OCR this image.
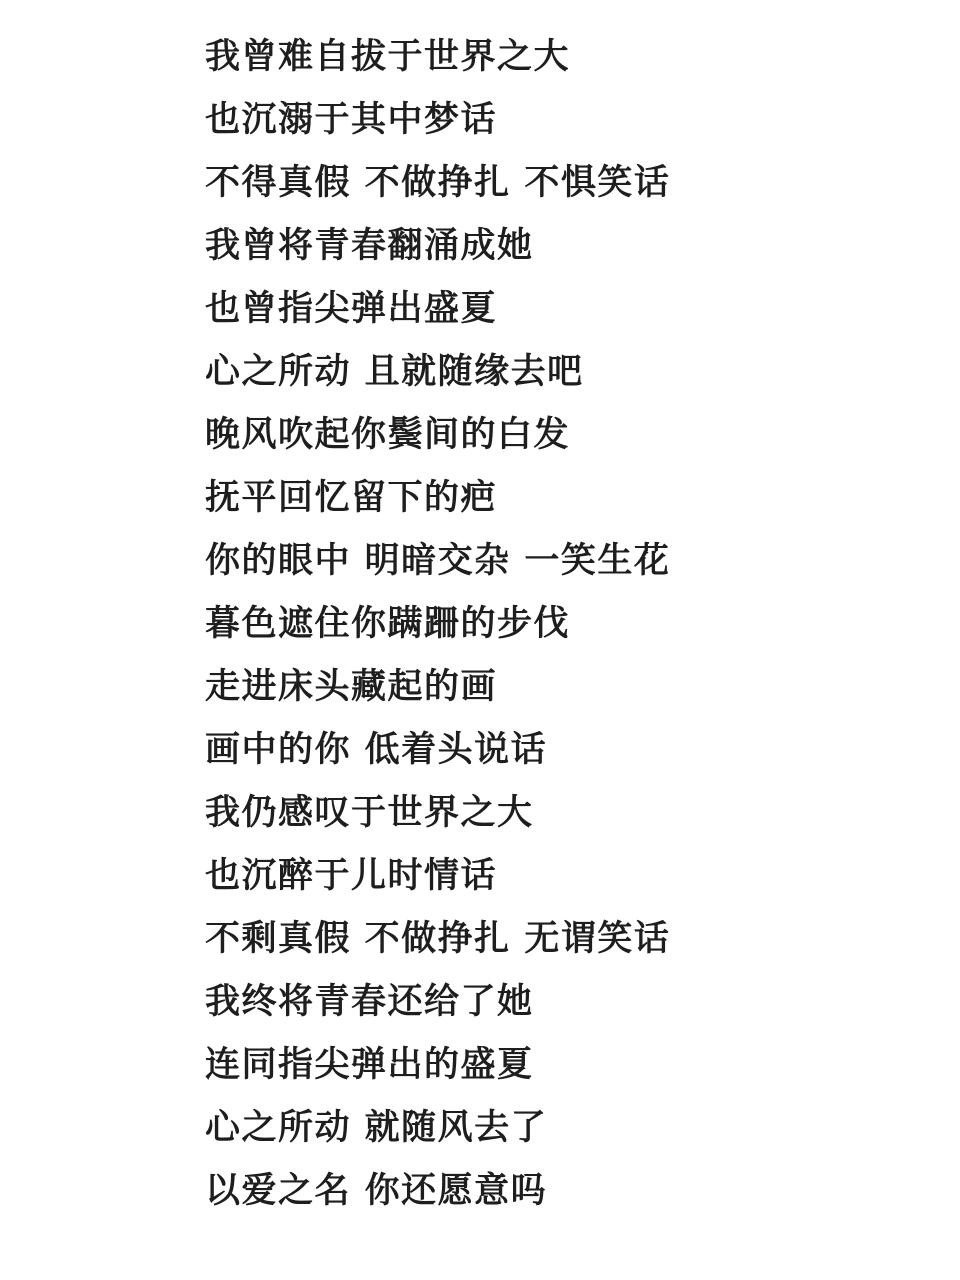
我曾难自拔于世界之大
也沉溺于其中梦话
不得真假 不做挣扎 不惧笑话
我曾将青春翻涌成她
也曾指尖弹出盛夏
心之所动 且就随缘去吧
晚风吹起你鬓间的白发
抚平回忆留下的疤
你的眼中 明暗交杂 一笑生花
暮色遮住你蹒跚的步伐
走进床头藏起的画
画中的你 低着头说话
我仍感叹于世界之大
也沉醉于儿时情话
不剩真假 不做挣扎 无谓笑话
我终将青春还给了她
连同指尖弹出的盛夏
心之所动 就随风去了
以爱之名 你还愿意吗
